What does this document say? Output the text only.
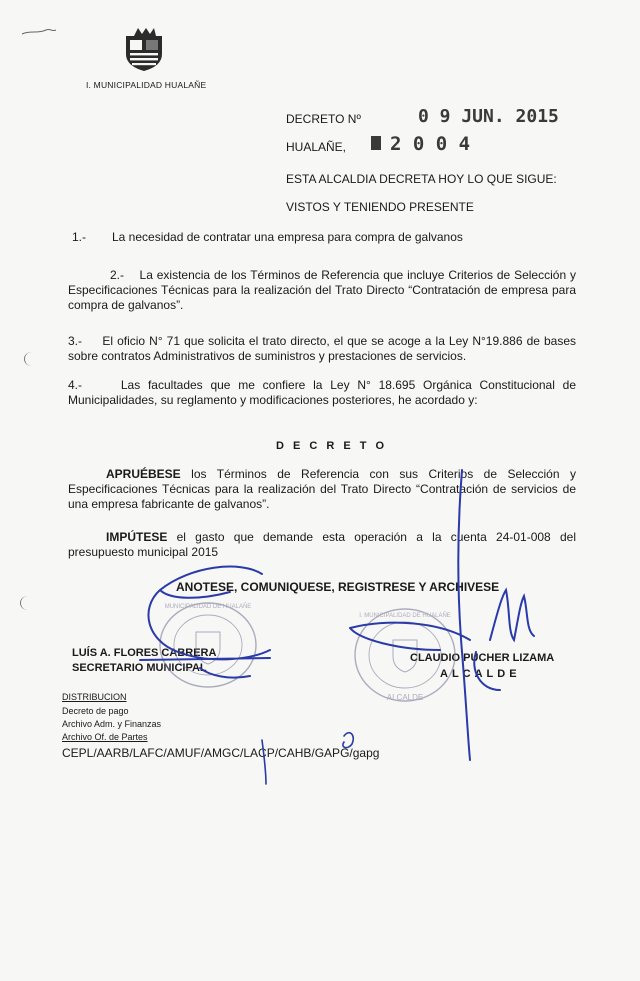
I. MUNICIPALIDAD HUALAÑE
DECRETO Nº	0 9 JUN. 2015
HUALAÑE, 2 0 0 4
ESTA ALCALDIA DECRETA HOY LO QUE SIGUE:
VISTOS Y TENIENDO PRESENTE
1.- La necesidad de contratar una empresa para compra de galvanos
2.- La existencia de los Términos de Referencia que incluye Criterios de Selección y Especificaciones Técnicas para la realización del Trato Directo “Contratación de empresa para compra de galvanos”.
3.- El oficio N° 71 que solicita el trato directo, el que se acoge a la Ley N°19.886 de bases sobre contratos Administrativos de suministros y prestaciones de servicios.
4.-	Las facultades que me confiere la Ley N° 18.695 Orgánica Constitucional de Municipalidades, su reglamento y modificaciones posteriores, he acordado y:
D E C R E T O
APRUÉBESE los Términos de Referencia con sus Criterios de Selección y Especificaciones Técnicas para la realización del Trato Directo “Contratación de servicios de una empresa fabricante de galvanos”.
IMPÚTESE el gasto que demande esta operación a la cuenta 24-01-008 del presupuesto municipal 2015
ANOTESE, COMUNIQUESE, REGISTRESE Y ARCHIVESE
LUÍS A. FLORES CABRERA
SECRETARIO MUNICIPAL
CLAUDIO PUCHER LIZAMA
ALCALDE
DISTRIBUCION
Decreto de pago
Archivo Adm. y Finanzas
Archivo Of. de Partes
CEPL/AARB/LAFC/AMUF/AMGC/LACP/CAHB/GAPG/gapg
MUNICIPALIDAD DE HUALAÑE
I. MUNICIPALIDAD DE HUALAÑE
ALCALDE
